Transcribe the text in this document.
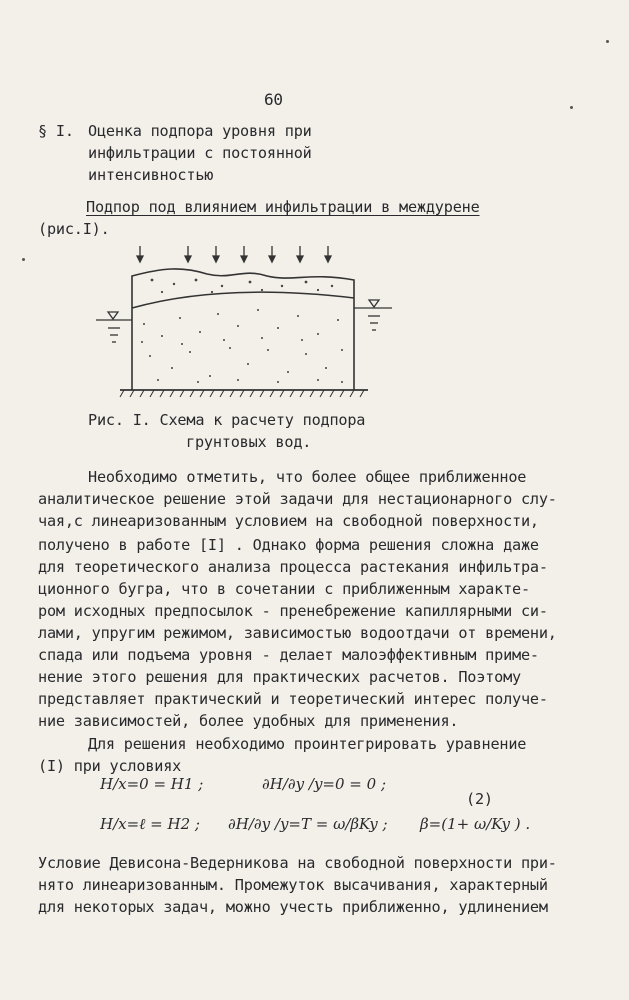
60
§ I. Оценка подпора уровня при
инфильтрации с постоянной
интенсивностью
Подпор под влиянием инфильтрации в междурене
(рис.I).
Рис. I. Схема к расчету подпора
грунтовых вод.
Необходимо отметить, что более общее приближенное
аналитическое решение этой задачи для нестационарного слу-
чая,с линеаризованным условием на свободной поверхности,
получено в работе [I] . Однако форма решения сложна даже
для теоретического анализа процесса растекания инфильтра-
ционного бугра, что в сочетании с приближенным характе-
ром исходных предпосылок - пренебрежение капиллярными си-
лами, упругим режимом, зависимостью водоотдачи от времени,
спада или подъема уровня - делает малоэффективным приме-
нение этого решения для практических расчетов. Поэтому
представляет практический и теоретический интерес получе-
ние зависимостей, более удобных для применения.
Для решения необходимо проинтегрировать уравнение
(I) при условиях
H/x=0 = H1 ;	∂H/∂y /y=0 = 0 ;
H/x=ℓ = H2 ; ∂H/∂y /y=T = ω/βKy ; β=(1+ ω/Ky ) .
(2)
Условие Девисона-Ведерникова на свободной поверхности при-
нято линеаризованным. Промежуток высачивания, характерный
для некоторых задач, можно учесть приближенно, удлинением
